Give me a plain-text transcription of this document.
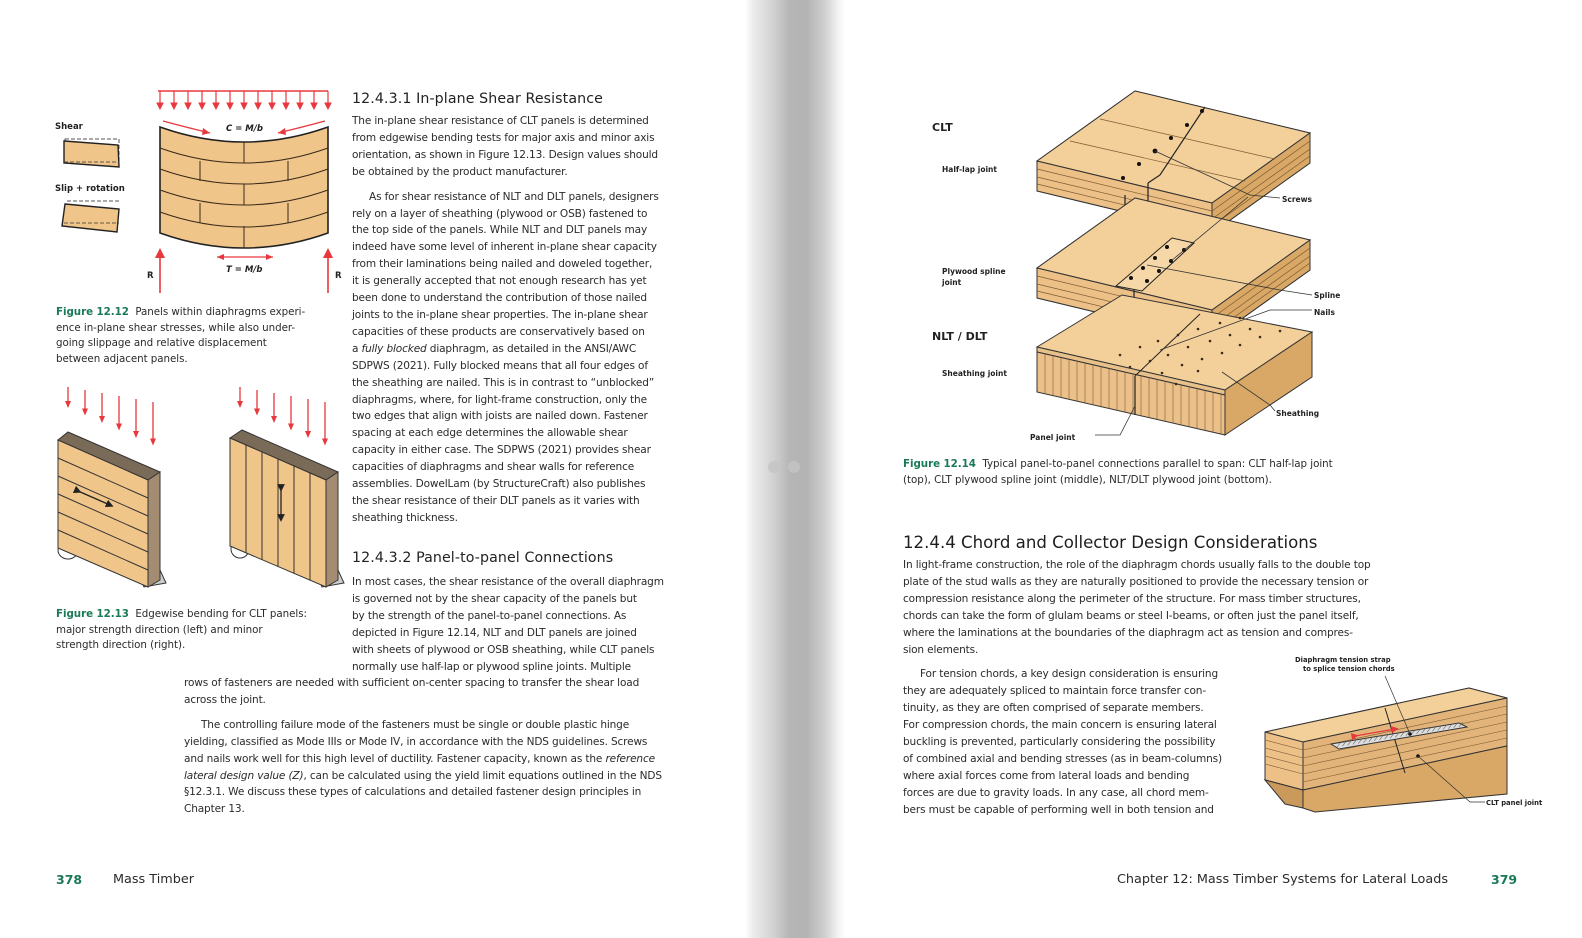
C = M/b
T = M/b
R	R
Shear
Slip + rotation
Figure 12.12 Panels within diaphragms experi-
ence in-plane shear stresses, while also under-
going slippage and relative displacement
between adjacent panels.
Figure 12.13 Edgewise bending for CLT panels:
major strength direction (left) and minor
strength direction (right).
12.4.3.1 In-plane Shear Resistance

The in-plane shear resistance of CLT panels is determined
from edgewise bending tests for major axis and minor axis
orientation, as shown in Figure 12.13. Design values should
be obtained by the product manufacturer.

As for shear resistance of NLT and DLT panels, designers
rely on a layer of sheathing (plywood or OSB) fastened to
the top side of the panels. While NLT and DLT panels may
indeed have some level of inherent in-plane shear capacity
from their laminations being nailed and doweled together,
it is generally accepted that not enough research has yet
been done to understand the contribution of those nailed
joints to the in-plane shear properties. The in-plane shear
capacities of these products are conservatively based on
a fully blocked diaphragm, as detailed in the ANSI/AWC
SDPWS (2021). Fully blocked means that all four edges of
the sheathing are nailed. This is in contrast to “unblocked”
diaphragms, where, for light-frame construction, only the
two edges that align with joists are nailed down. Fastener
spacing at each edge determines the allowable shear
capacity in either case. The SDPWS (2021) provides shear
capacities of diaphragms and shear walls for reference
assemblies. DowelLam (by StructureCraft) also publishes
the shear resistance of their DLT panels as it varies with
sheathing thickness.

12.4.3.2 Panel-to-panel Connections
In most cases, the shear resistance of the overall diaphragm
is governed not by the shear capacity of the panels but
by the strength of the panel-to-panel connections. As
depicted in Figure 12.14, NLT and DLT panels are joined
with sheets of plywood or OSB sheathing, while CLT panels
normally use half-lap or plywood spline joints. Multiple
rows of fasteners are needed with sufficient on-center spacing to transfer the shear load
across the joint.
The controlling failure mode of the fasteners must be single or double plastic hinge
yielding, classified as Mode IIIs or Mode IV, in accordance with the NDS guidelines. Screws
and nails work well for this high level of ductility. Fastener capacity, known as the reference
lateral design value (Z), can be calculated using the yield limit equations outlined in the NDS
§12.3.1. We discuss these types of calculations and detailed fastener design principles in
Chapter 13.
378 Mass Timber
CLT
Half-lap joint
Plywood spline
joint
NLT / DLT
Sheathing joint
Screws
Spline
Nails
Sheathing
Panel joint
Figure 12.14 Typical panel-to-panel connections parallel to span: CLT half-lap joint
(top), CLT plywood spline joint (middle), NLT/DLT plywood joint (bottom).
12.4.4 Chord and Collector Design Considerations
In light-frame construction, the role of the diaphragm chords usually falls to the double top
plate of the stud walls as they are naturally positioned to provide the necessary tension or
compression resistance along the perimeter of the structure. For mass timber structures,
chords can take the form of glulam beams or steel I-beams, or often just the panel itself,
where the laminations at the boundaries of the diaphragm act as tension and compres-
sion elements.
For tension chords, a key design consideration is ensuring
they are adequately spliced to maintain force transfer con-
tinuity, as they are often comprised of separate members.
For compression chords, the main concern is ensuring lateral
buckling is prevented, particularly considering the possibility
of combined axial and bending stresses (as in beam-columns)
where axial forces come from lateral loads and bending
forces are due to gravity loads. In any case, all chord mem-
bers must be capable of performing well in both tension and
Diaphragm tension strap
to splice tension chords
CLT panel joint
Chapter 12: Mass Timber Systems for Lateral Loads	379
